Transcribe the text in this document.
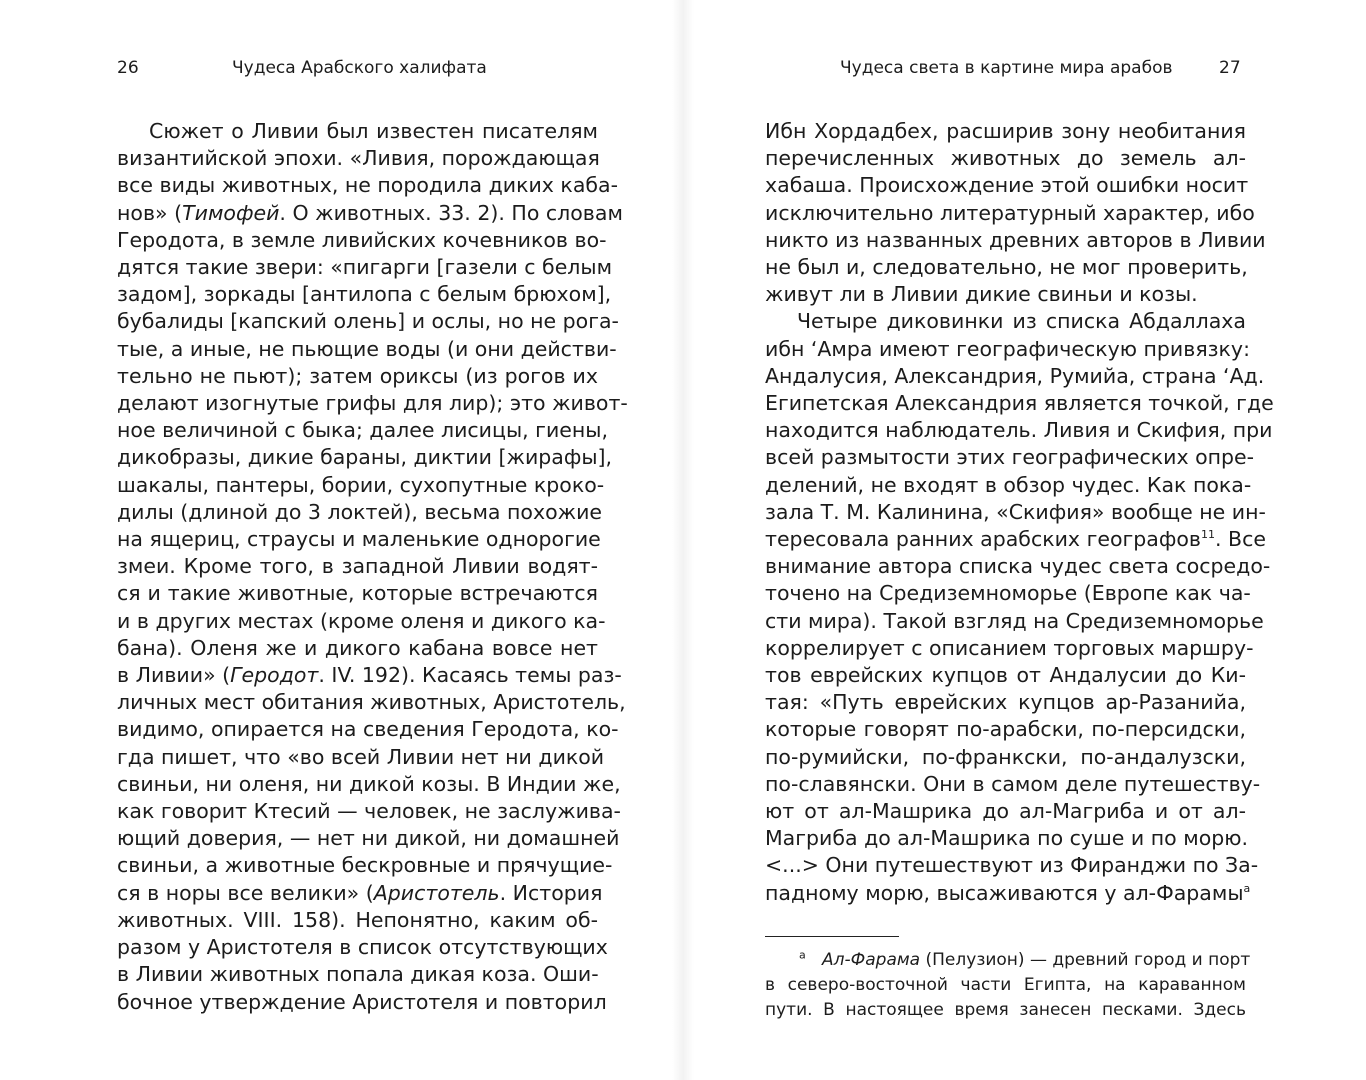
26	Чудеса Арабского халифата
Сюжет о Ливии был известен писателям
византийской эпохи. «Ливия, порождающая
все виды животных, не породила диких каба-
нов» (Тимофей. О животных. 33. 2). По словам
Геродота, в земле ливийских кочевников во-
дятся такие звери: «пигарги [газели с белым
задом], зоркады [антилопа с белым брюхом],
бубалиды [капский олень] и ослы, но не рога-
тые, а иные, не пьющие воды (и они действи-
тельно не пьют); затем ориксы (из рогов их
делают изогнутые грифы для лир); это живот-
ное величиной с быка; далее лисицы, гиены,
дикобразы, дикие бараны, диктии [жирафы],
шакалы, пантеры, бории, сухопутные кроко-
дилы (длиной до 3 локтей), весьма похожие
на ящериц, страусы и маленькие однорогие
змеи. Кроме того, в западной Ливии водят-
ся и такие животные, которые встречаются
и в других местах (кроме оленя и дикого ка-
бана). Оленя же и дикого кабана вовсе нет
в Ливии» (Геродот. IV. 192). Касаясь темы раз-
личных мест обитания животных, Аристотель,
видимо, опирается на сведения Геродота, ко-
гда пишет, что «во всей Ливии нет ни дикой
свиньи, ни оленя, ни дикой козы. В Индии же,
как говорит Ктесий — человек, не заслужива-
ющий доверия, — нет ни дикой, ни домашней
свиньи, а животные бескровные и прячущие-
ся в норы все велики» (Аристотель. История
животных. VIII. 158). Непонятно, каким об-
разом у Аристотеля в список отсутствующих
в Ливии животных попала дикая коза. Оши-
бочное утверждение Аристотеля и повторил
Чудеса света в картине мира арабов	27
Ибн Хордадбех, расширив зону необитания
перечисленных животных до земель ал-
хабаша. Происхождение этой ошибки носит
исключительно литературный характер, ибо
никто из названных древних авторов в Ливии
не был и, следовательно, не мог проверить,
живут ли в Ливии дикие свиньи и козы.
Четыре диковинки из списка Абдаллаха
ибн ʻАмра имеют географическую привязку:
Андалусия, Александрия, Румийа, страна ʻАд.
Египетская Александрия является точкой, где
находится наблюдатель. Ливия и Скифия, при
всей размытости этих географических опре-
делений, не входят в обзор чудес. Как пока-
зала Т. М. Калинина, «Скифия» вообще не ин-
тересовала ранних арабских географов$^{11}$. Все
внимание автора списка чудес света сосредо-
точено на Средиземноморье (Европе как ча-
сти мира). Такой взгляд на Средиземноморье
коррелирует с описанием торговых маршру-
тов еврейских купцов от Андалусии до Ки-
тая: «Путь еврейских купцов ар-Разанийа,
которые говорят по-арабски, по-персидски,
по-румийски, по-франкски, по-андалузски,
по-славянски. Они в самом деле путешеству-
ют от ал-Машрика до ал-Магриба и от ал-
Магриба до ал-Машрика по суше и по морю.
<...> Они путешествуют из Фиранджи по За-
падному морю, высаживаются у ал-Фарамы$^a$
$^a$ Ал-Фарама (Пелузион) — древний город и порт
в северо-восточной части Египта, на караванном
пути. В настоящее время занесен песками. Здесь
